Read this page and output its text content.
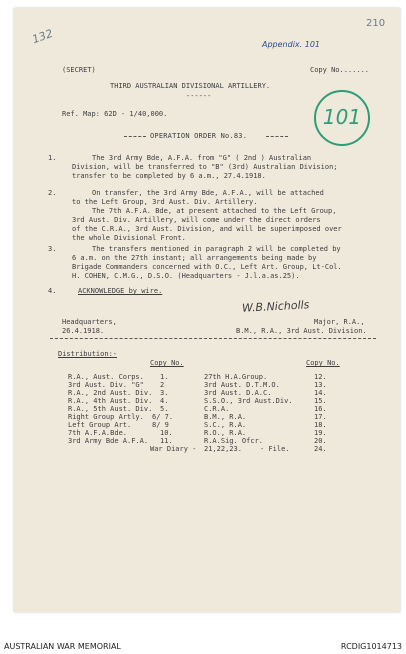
210
132	Appendix. 101
101
(SECRET)	Copy No.......
THIRD AUSTRALIAN DIVISIONAL ARTILLERY.
------
Ref. Map: 62D - 1/40,000.
OPERATION ORDER No.83.
1.	The 3rd Army Bde, A.F.A. from "G" ( 2nd ) Australian
Division, will be transferred to "B" (3rd) Australian Division;
transfer to be completed by 6 a.m., 27.4.1918.
2.	On transfer, the 3rd Army Bde, A.F.A., will be attached
to the Left Group, 3rd Aust. Div. Artillery.
The 7th A.F.A. Bde, at present attached to the Left Group,
3rd Aust. Div. Artillery, will come under the direct orders
of the C.R.A., 3rd Aust. Division, and will be superimposed over
the whole Divisional Front.
3.	The transfers mentioned in paragraph 2 will be completed by
6 a.m. on the 27th instant; all arrangements being made by
Brigade Commanders concerned with O.C., Left Art. Group, Lt-Col.
H. COHEN, C.M.G., D.S.O. (Headquarters - J.l.a.as.25).
4.	ACKNOWLEDGE by wire.
W.B.Nicholls
Headquarters,
26.4.1918.
Major, R.A.,
B.M., R.A., 3rd Aust. Division.
Distribution:-
Copy No.	Copy No.
R.A., Aust. Corps. 1.
3rd Aust. Div. "G" 2
R.A., 2nd Aust. Div. 3.
R.A., 4th Aust. Div. 4.
R.A., 5th Aust. Div. 5.
Right Group Artly. 6/ 7.
Left Group Art.	8/ 9
7th A.F.A.Bde.	10.
3rd Army Bde A.F.A. 11.
27th H.A.Group.	12.
3rd Aust. D.T.M.O.	13.
3rd Aust. D.A.C.	14.
S.S.O., 3rd Aust.Div.	15.
C.R.A.	16.
B.M., R.A.	17.
S.C., R.A.	18.
R.O., R.A.	19.
R.A.Sig. Ofcr.	20.
War Diary - 21,22,23.	- File.	24.
AUSTRALIAN WAR MEMORIAL	RCDIG1014713
